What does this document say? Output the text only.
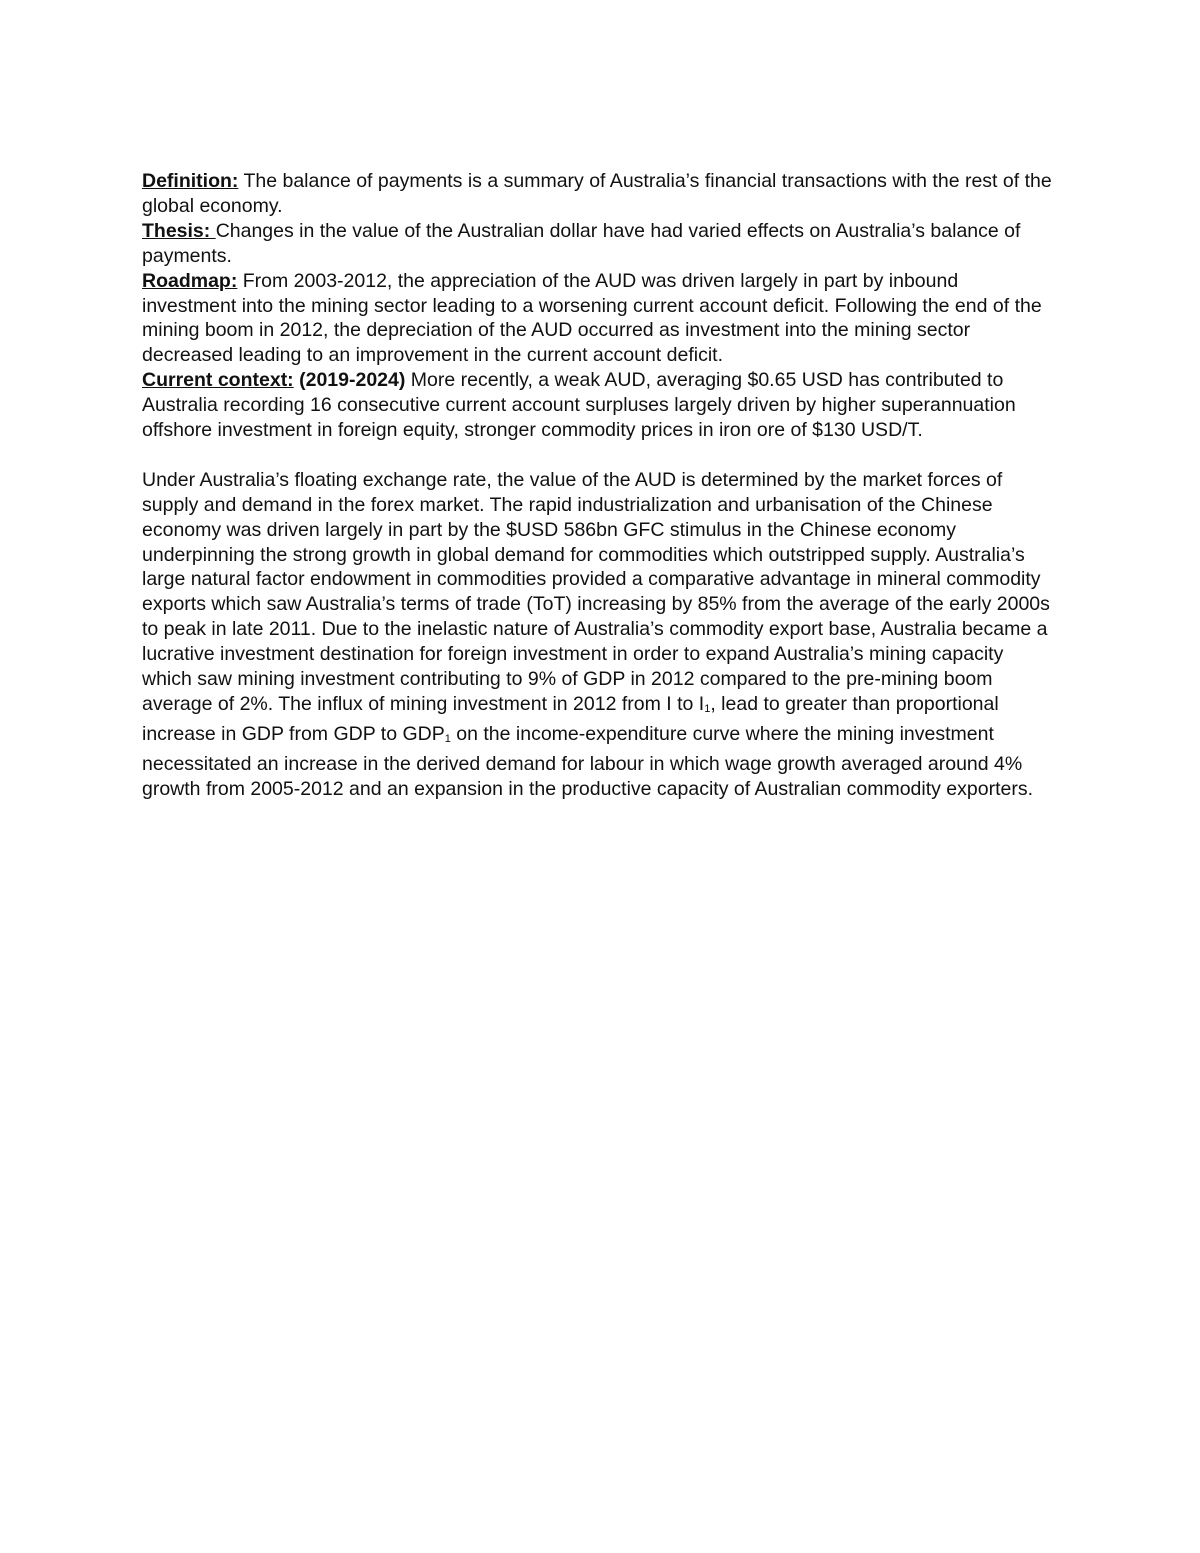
Definition: The balance of payments is a summary of Australia’s financial transactions with the rest of the global economy.

Thesis: Changes in the value of the Australian dollar have had varied effects on Australia’s balance of payments.

Roadmap: From 2003-2012, the appreciation of the AUD was driven largely in part by inbound investment into the mining sector leading to a worsening current account deficit. Following the end of the mining boom in 2012, the depreciation of the AUD occurred as investment into the mining sector decreased leading to an improvement in the current account deficit.

Current context: (2019-2024) More recently, a weak AUD, averaging $0.65 USD has contributed to Australia recording 16 consecutive current account surpluses largely driven by higher superannuation offshore investment in foreign equity, stronger commodity prices in iron ore of $130 USD/T.

Under Australia’s floating exchange rate, the value of the AUD is determined by the market forces of supply and demand in the forex market. The rapid industrialization and urbanisation of the Chinese economy was driven largely in part by the $USD 586bn GFC stimulus in the Chinese economy underpinning the strong growth in global demand for commodities which outstripped supply. Australia’s large natural factor endowment in commodities provided a comparative advantage in mineral commodity exports which saw Australia’s terms of trade (ToT) increasing by 85% from the average of the early 2000s to peak in late 2011. Due to the inelastic nature of Australia’s commodity export base, Australia became a lucrative investment destination for foreign investment in order to expand Australia’s mining capacity which saw mining investment contributing to 9% of GDP in 2012 compared to the pre-mining boom average of 2%. The influx of mining investment in 2012 from I to I1, lead to greater than proportional increase in GDP from GDP to GDP1 on the income-expenditure curve where the mining investment necessitated an increase in the derived demand for labour in which wage growth averaged around 4% growth from 2005-2012 and an expansion in the productive capacity of Australian commodity exporters.
